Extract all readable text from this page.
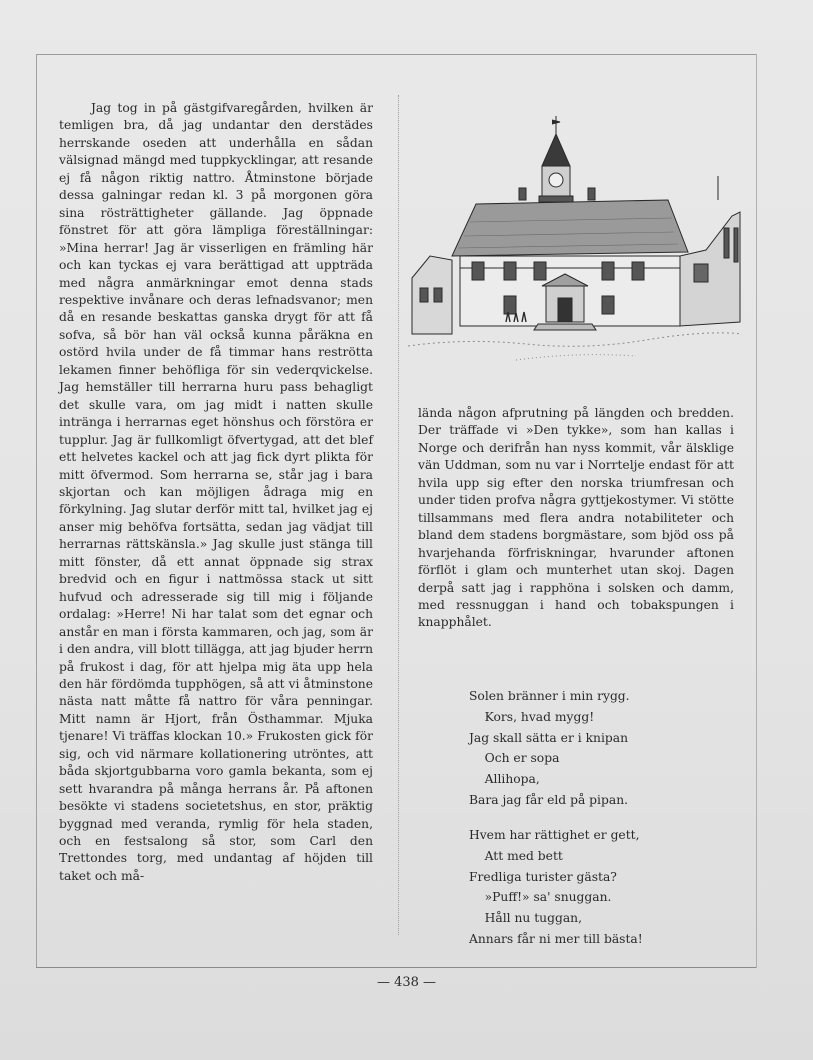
Jag tog in på gästgifvaregården, hvilken är temligen bra, då jag undantar den derstädes herrskande oseden att underhålla en sådan välsignad mängd med tuppkycklingar, att resande ej få någon riktig nattro. Åtminstone började dessa galningar redan kl. 3 på morgonen göra sina rösträttigheter gällande. Jag öppnade fönstret för att göra lämpliga föreställningar: »Mina herrar! Jag är visserligen en främling här och kan tyckas ej vara berättigad att uppträda med några anmärkningar emot denna stads respektive invånare och deras lefnadsvanor; men då en resande beskattas ganska drygt för att få sofva, så bör han väl också kunna påräkna en ostörd hvila under de få timmar hans reströtta lekamen finner behöfliga för sin vederqvickelse. Jag hemställer till herrarna huru pass behagligt det skulle vara, om jag midt i natten skulle intränga i herrarnas eget hönshus och förstöra er tupplur. Jag är fullkomligt öfvertygad, att det blef ett helvetes kackel och att jag fick dyrt plikta för mitt öfvermod. Som herrarna se, står jag i bara skjortan och kan möjligen ådraga mig en förkylning. Jag slutar derför mitt tal, hvilket jag ej anser mig behöfva fortsätta, sedan jag vädjat till herrarnas rättskänsla.» Jag skulle just stänga till mitt fönster, då ett annat öppnade sig strax bredvid och en figur i nattmössa stack ut sitt hufvud och adresserade sig till mig i följande ordalag: »Herre! Ni har talat som det egnar och anstår en man i första kammaren, och jag, som är i den andra, vill blott tillägga, att jag bjuder herrn på frukost i dag, för att hjelpa mig äta upp hela den här fördömda tupphögen, så att vi åtminstone nästa natt måtte få nattro för våra penningar. Mitt namn är Hjort, från Östhammar. Mjuka tjenare! Vi träffas klockan 10.» Frukosten gick för sig, och vid närmare kollationering utröntes, att båda skjortgubbarna voro gamla bekanta, som ej sett hvarandra på många herrans år. På aftonen besökte vi stadens societetshus, en stor, präktig byggnad med veranda, rymlig för hela staden, och en festsalong så stor, som Carl den Trettondes torg, med undantag af höjden till taket och må-

lända någon afprutning på längden och bredden. Der träffade vi »Den tykke», som han kallas i Norge och derifrån han nyss kommit, vår älsklige vän Uddman, som nu var i Norrtelje endast för att hvila upp sig efter den norska triumfresan och under tiden profva några gyttjekostymer. Vi stötte tillsammans med flera andra notabiliteter och bland dem stadens borgmästare, som bjöd oss på hvarjehanda förfriskningar, hvarunder aftonen förflöt i glam och munterhet utan skoj. Dagen derpå satt jag i rapphöna i solsken och damm, med ressnuggan i hand och tobakspungen i knapphålet.

Solen bränner i min rygg.
Kors, hvad mygg!
Jag skall sätta er i knipan
Och er sopa
Allihopa,
Bara jag får eld på pipan.
Hvem har rättighet er gett,
Att med bett
Fredliga turister gästa?
»Puff!» sa' snuggan.
Håll nu tuggan,
Annars får ni mer till bästa!
— 438 —
